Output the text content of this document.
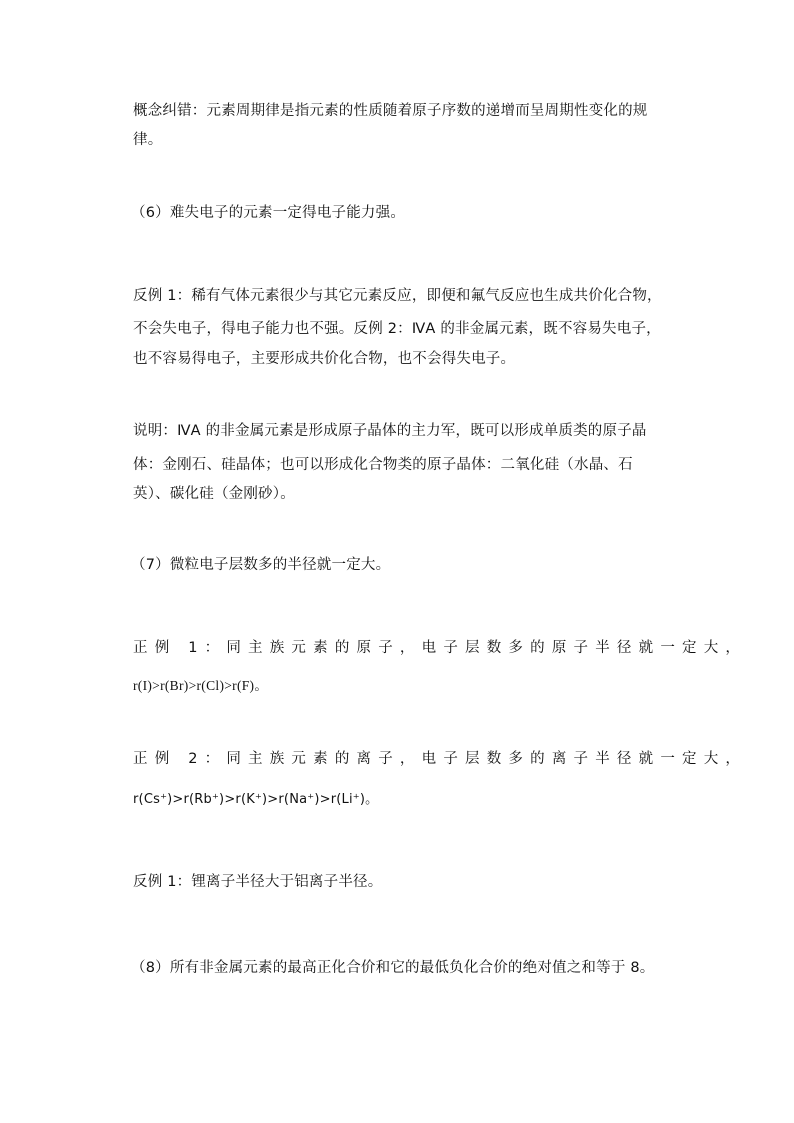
概念纠错：元素周期律是指元素的性质随着原子序数的递增而呈周期性变化的规
律。
（6）难失电子的元素一定得电子能力强。
反例 1：稀有气体元素很少与其它元素反应，即便和氟气反应也生成共价化合物，
不会失电子，得电子能力也不强。反例 2：ⅣA 的非金属元素，既不容易失电子，
也不容易得电子，主要形成共价化合物，也不会得失电子。
说明：ⅣA 的非金属元素是形成原子晶体的主力军，既可以形成单质类的原子晶
体：金刚石、硅晶体；也可以形成化合物类的原子晶体：二氧化硅（水晶、石
英）、碳化硅（金刚砂）。
（7）微粒电子层数多的半径就一定大。
正例 1：同主族元素的原子，电子层数多的原子半径就一定大，
r(I)>r(Br)>r(Cl)>r(F)。
正例 2：同主族元素的离子，电子层数多的离子半径就一定大，
r(Cs⁺)>r(Rb⁺)>r(K⁺)>r(Na⁺)>r(Li⁺)。
反例 1：锂离子半径大于铝离子半径。
（8）所有非金属元素的最高正化合价和它的最低负化合价的绝对值之和等于 8。
